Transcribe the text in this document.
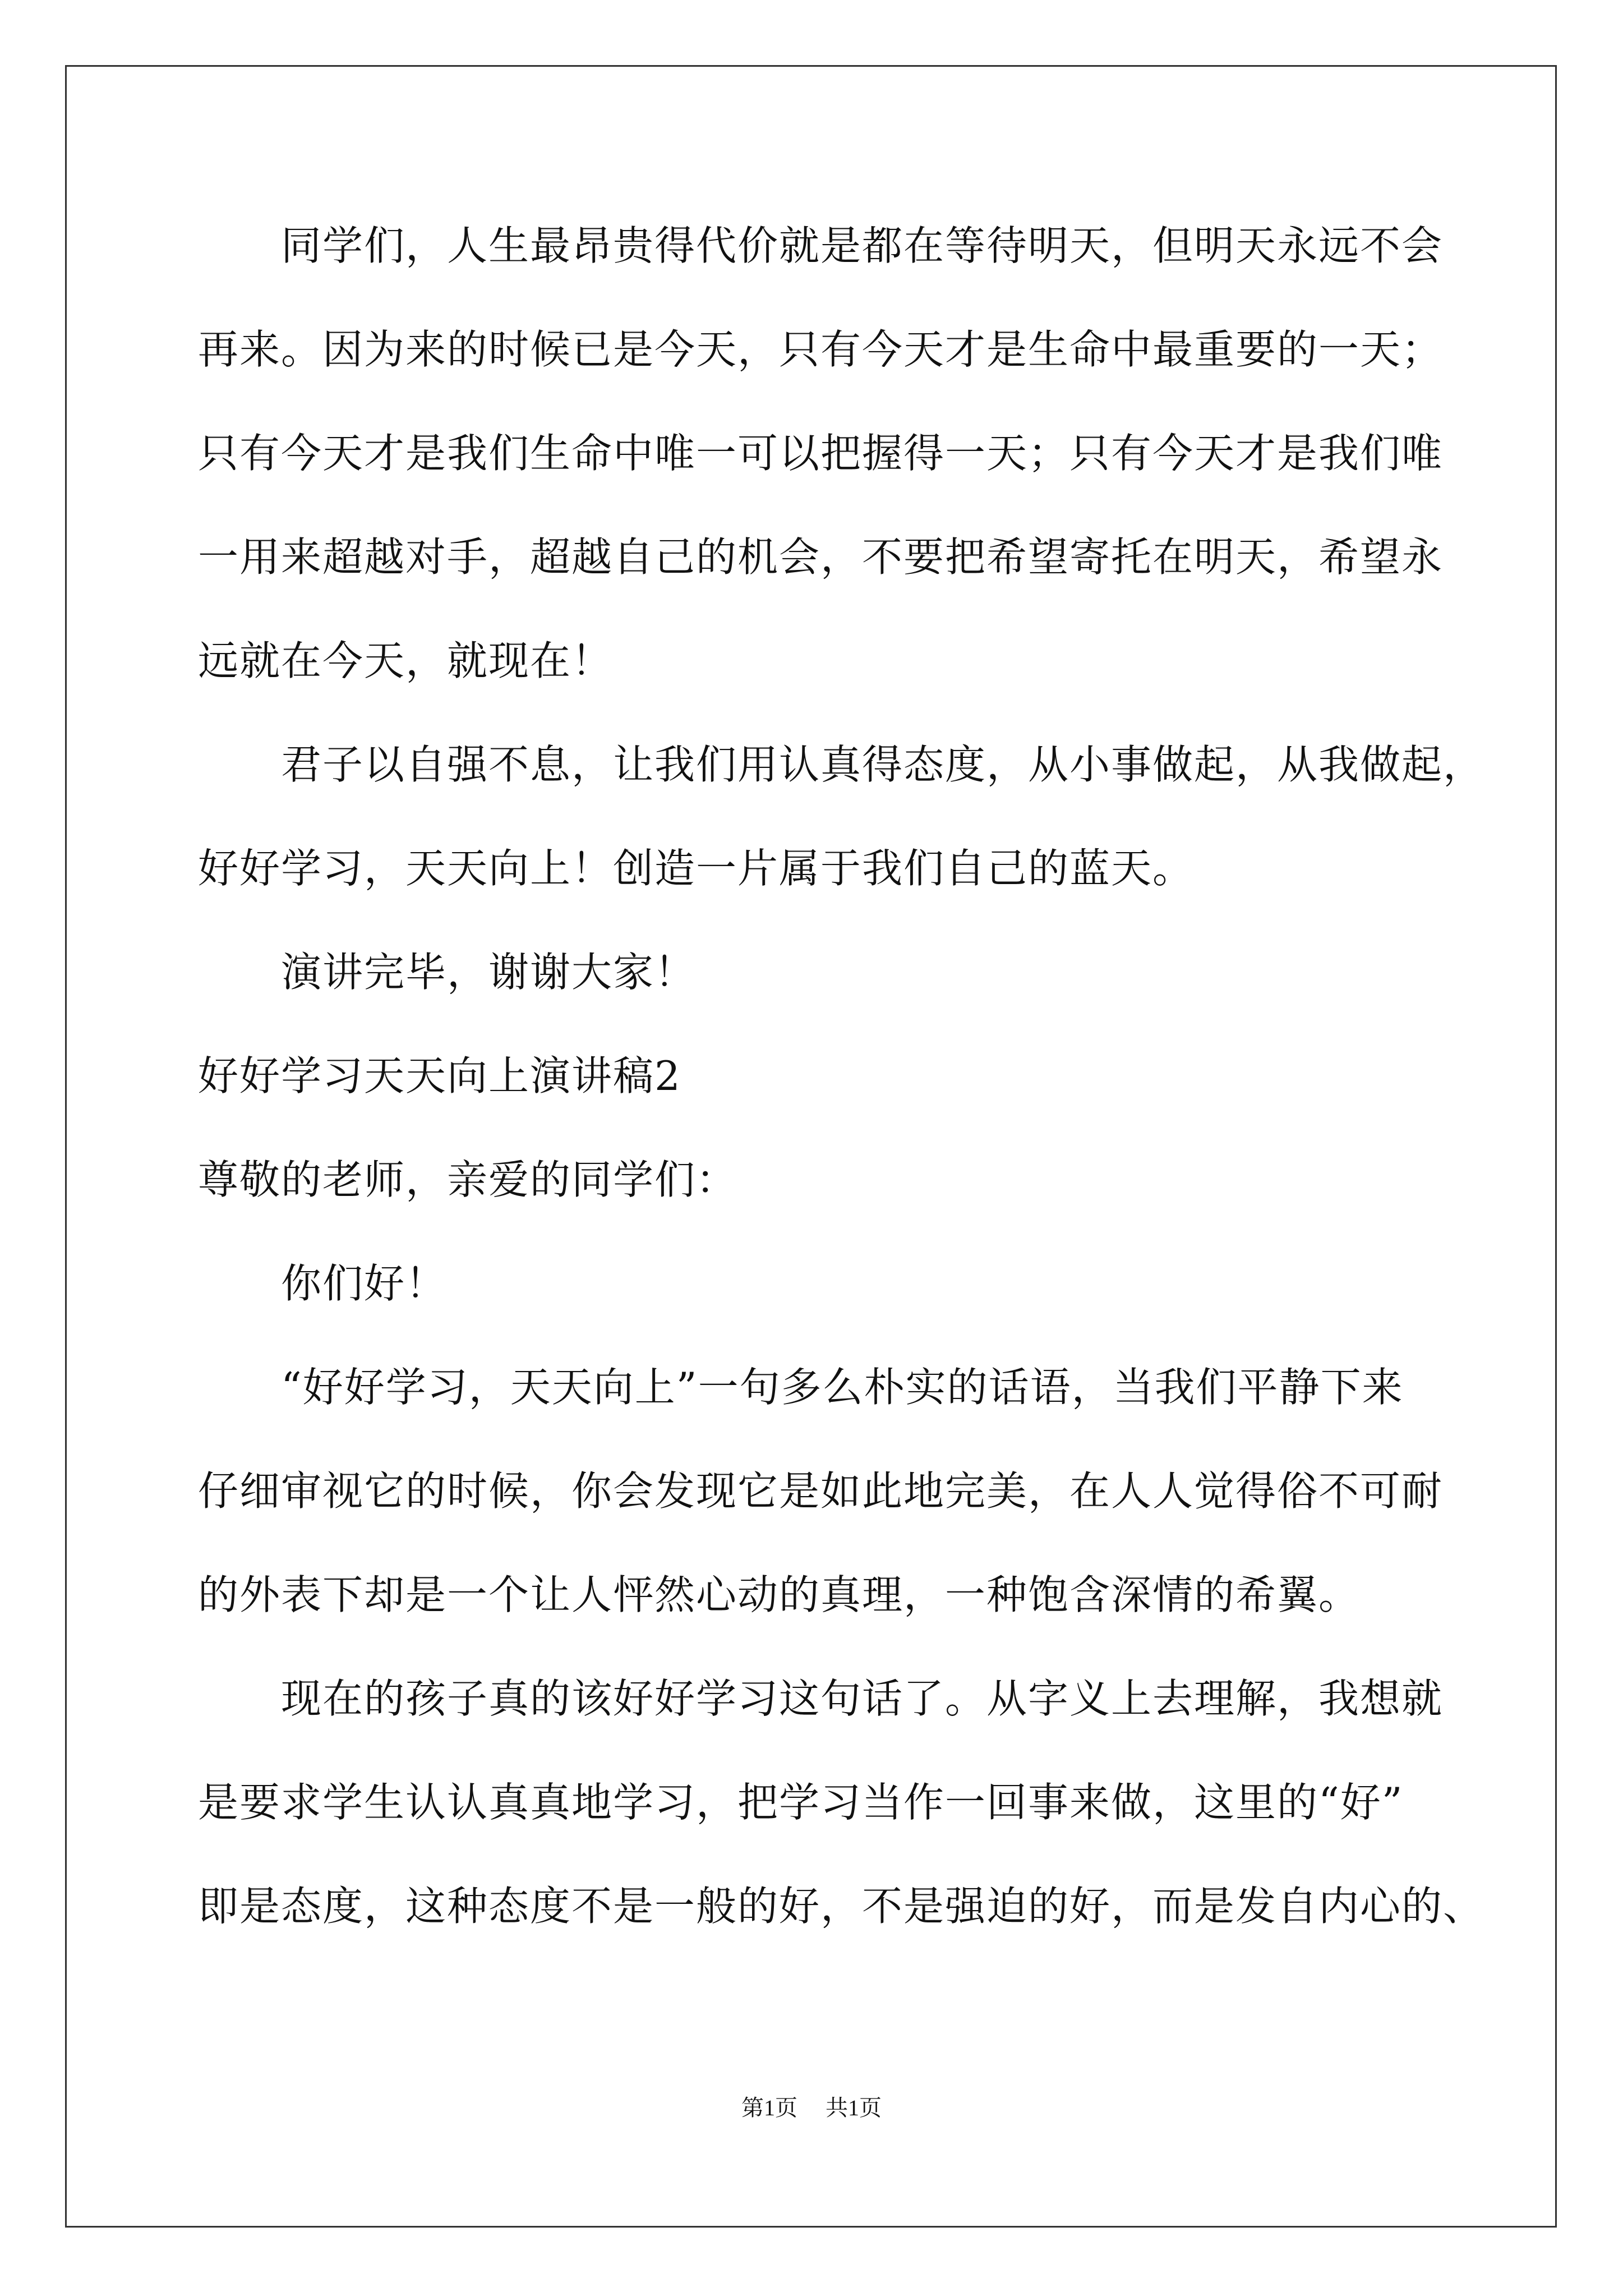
同学们，人生最昂贵得代价就是都在等待明天，但明天永远不会
再来。因为来的时候已是今天，只有今天才是生命中最重要的一天；
只有今天才是我们生命中唯一可以把握得一天；只有今天才是我们唯
一用来超越对手，超越自己的机会，不要把希望寄托在明天，希望永
远就在今天，就现在！
君子以自强不息，让我们用认真得态度，从小事做起，从我做起，
好好学习，天天向上！创造一片属于我们自己的蓝天。
演讲完毕，谢谢大家！
好好学习天天向上演讲稿2
尊敬的老师，亲爱的同学们：
你们好！
“好好学习，天天向上”一句多么朴实的话语，当我们平静下来
仔细审视它的时候，你会发现它是如此地完美，在人人觉得俗不可耐
的外表下却是一个让人怦然心动的真理，一种饱含深情的希翼。
现在的孩子真的该好好学习这句话了。从字义上去理解，我想就
是要求学生认认真真地学习，把学习当作一回事来做，这里的“好”
即是态度，这种态度不是一般的好，不是强迫的好，而是发自内心的、
第1页 共1页
